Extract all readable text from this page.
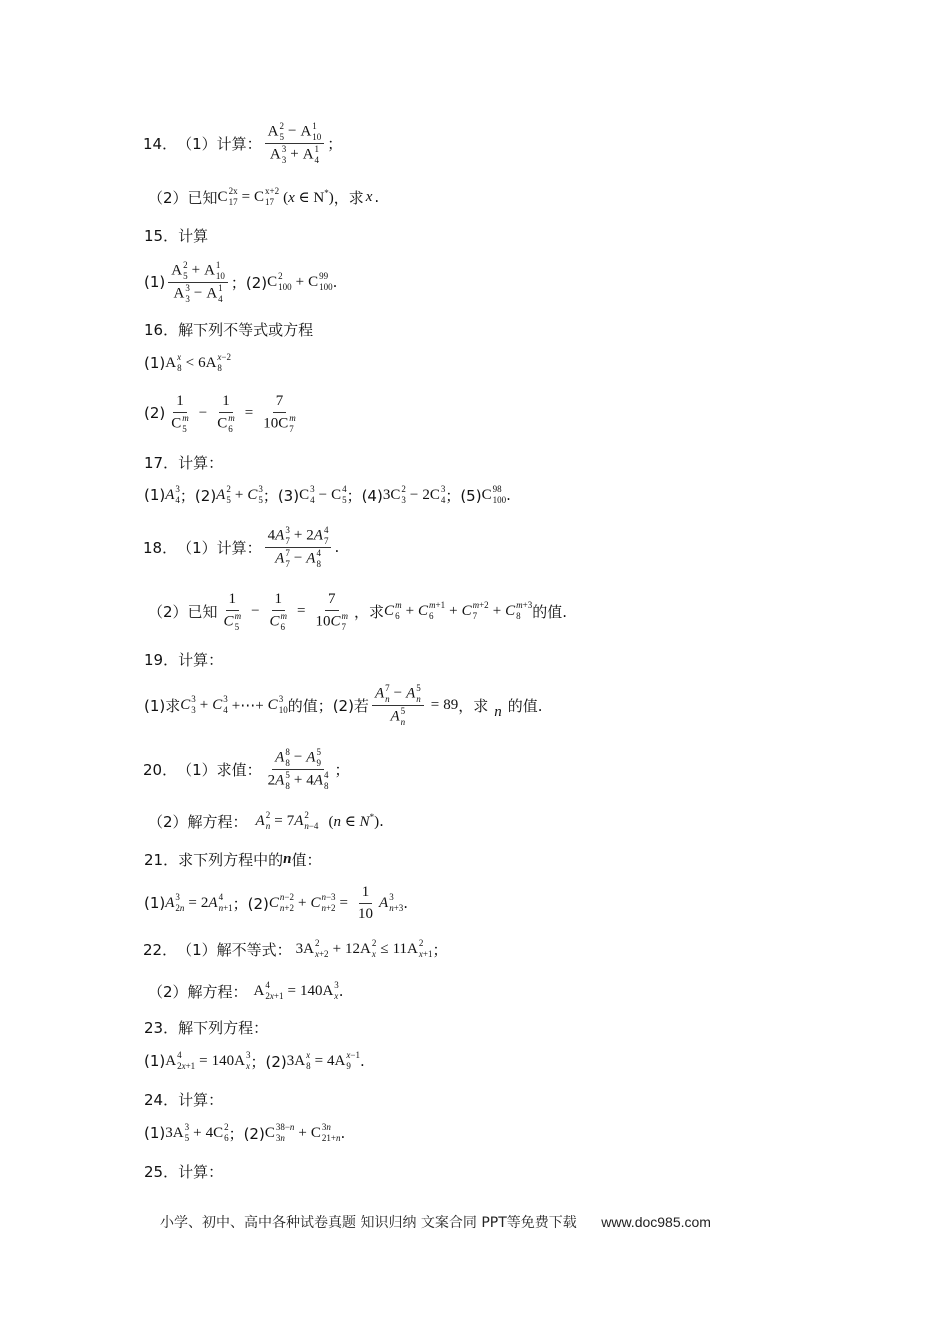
14． （1）计算： A 2
5 − A 1
10
A 3
3 + A 1
4 ；
（2）已知 C 2x
17 = C x+2
17 (x ∈ N*) ，求 x .
15．计算
(1) A 2
5 + A 1
10
A 3
3 − A 1
4 ；(2) C 2
100 + C 99
100 .
16．解下列不等式或方程
(1) A x
8 < 6A x−2
8
(2) 1
C m
5 − 1
C m
6 = 7
10C m
7
17．计算：
(1) A 3
4 ；(2) A 2
5 + C 3
5 ；(3) C 3
4 − C 4
5 ；(4) 3C 2
3 − 2C 3
4 ；(5) C 98
100 .
18． （1）计算： 4A 3
7 + 2A 4
7
A 7
7 − A 4
8 .
（2）已知 1
C m
5 − 1
C m
6 = 7
10C m
7 ，求 C m
6 + C m+1
6	+ C m+2
7	+ C m+3
8 的值.
19．计算：
(1)求 C 3
3 + C 3
4 +⋯+ C 3
10 的值；(2)若 A 7
n − A 5
n
A 5
n = 89 ，求 n 的值.
20． （1）求值： A 8
8 − A 5
9
2A 5
8 + 4A 4
8 ；
（2）解方程： A 2
n = 7 A 2
n−4 (n ∈ N*) .
21．求下列方程中的 n 值：
(1) A 3
2n = 2 A 4
n+1 ；(2) C n−2
n+2 + C n−3
$n+2 = \frac{1}{10}$ A 3
n+3 .
22． （1）解不等式： 3A 2
x+2 + 12A 2
x ≤ 11A 2
x+1 ；
（2）解方程： A 4
2x+1 = 140A 3
x .
23．解下列方程：
(1) A 4
2x+1 = 140A 3
x ；(2) 3A x
8 = 4A x−1
9 .
24．计算：
(1) 3A 3
5 + 4C 2
6 ；(2) C 38−n
3n + C 3n
21+n .
25．计算：
小学、初中、高中各种试卷真题 知识归纳 文案合同 PPT等免费下载 www.doc985.com
